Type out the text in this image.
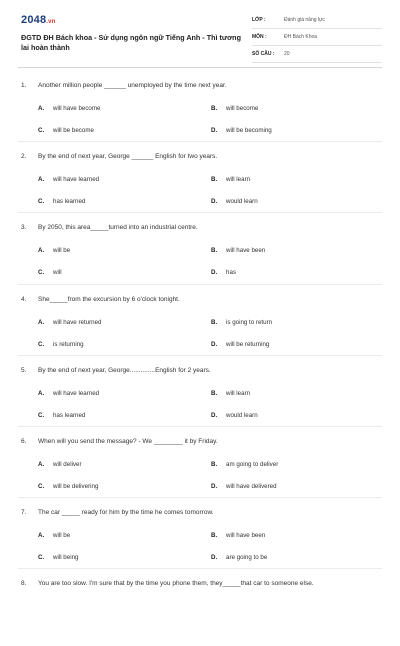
2048.vn
ĐGTD ĐH Bách khoa - Sử dụng ngôn ngữ Tiếng Anh - Thì tương lai hoàn thành
LỚP :	Đánh giá năng lực
MÔN :	ĐH Bách Khoa
SỐ CÂU : 20
1. Another million people ______ unemployed by the time next year.
A. will have become	B. will become
C. will be become	D. will be becoming
2. By the end of next year, George ______ English for two years.
A. will have learned	B. will learn
C. has learned	D. would learn
3. By 2050, this area_____turned into an industrial centre.
A. will be	B. will have been
C. will	D. has
4. She_____from the excursion by 6 o'clock tonight.
A. will have returned	B. is going to return
C. is returning	D. will be returning
5. By the end of next year, George..............English for 2 years.
A. will have learned	B. will learn
C. has learned	D. would learn
6. When will you send the message? - We ________ it by Friday.
A. will deliver	B. am going to deliver
C. will be delivering	D. will have delivered
7. The car _____ ready for him by the time he comes tomorrow.
A. will be	B. will have been
C. will being	D. are going to be
8. You are too slow. I'm sure that by the time you phone them, they_____that car to someone else.
